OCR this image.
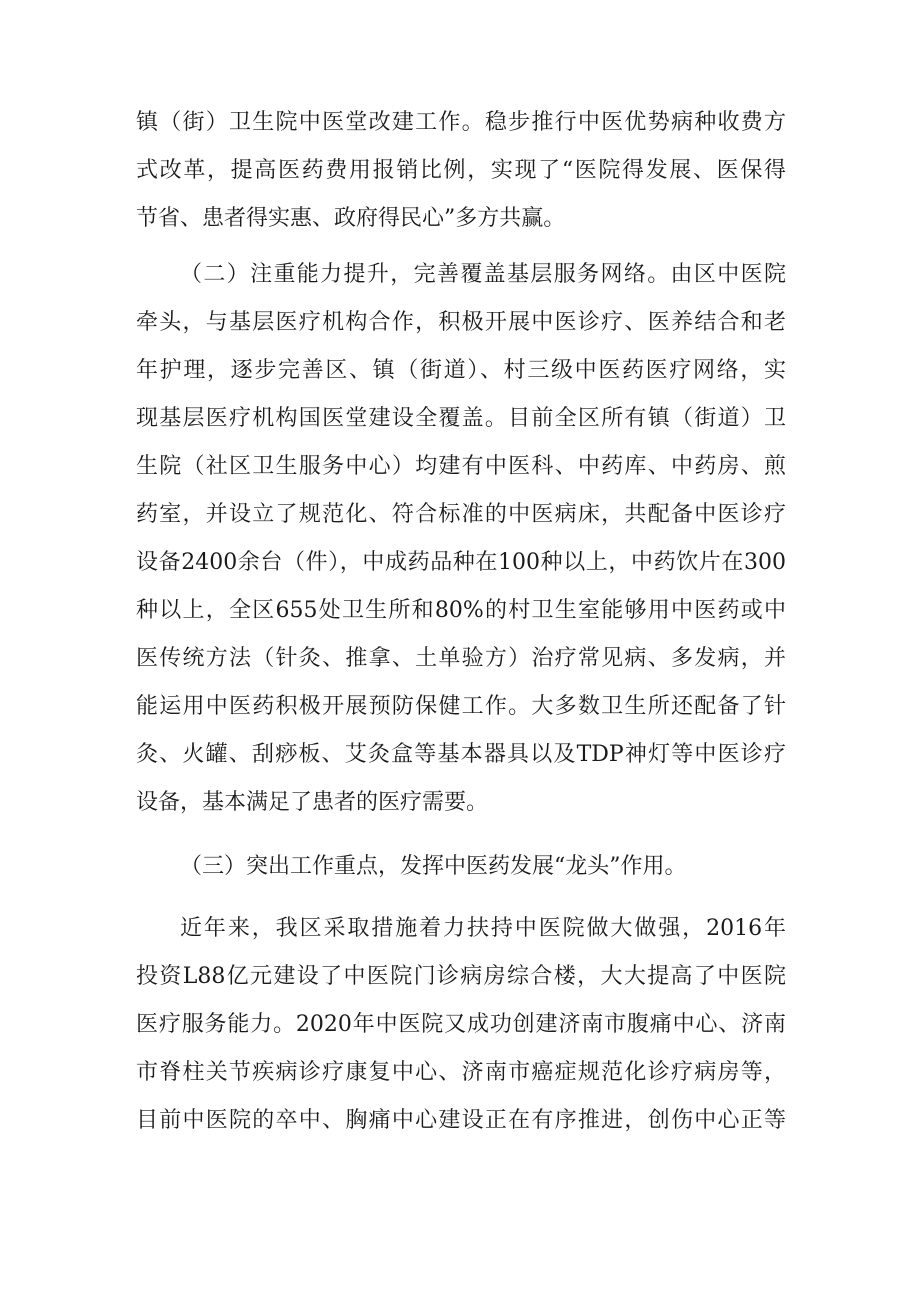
镇（街）卫生院中医堂改建工作。稳步推行中医优势病种收费方
式改革，提高医药费用报销比例，实现了“医院得发展、医保得
节省、患者得实惠、政府得民心”多方共赢。
（二）注重能力提升，完善覆盖基层服务网络。由区中医院
牵头，与基层医疗机构合作，积极开展中医诊疗、医养结合和老
年护理，逐步完善区、镇（街道）、村三级中医药医疗网络，实
现基层医疗机构国医堂建设全覆盖。目前全区所有镇（街道）卫
生院（社区卫生服务中心）均建有中医科、中药库、中药房、煎
药室，并设立了规范化、符合标准的中医病床，共配备中医诊疗
设备2400余台（件），中成药品种在100种以上，中药饮片在300
种以上，全区655处卫生所和80%的村卫生室能够用中医药或中
医传统方法（针灸、推拿、土单验方）治疗常见病、多发病，并
能运用中医药积极开展预防保健工作。大多数卫生所还配备了针
灸、火罐、刮痧板、艾灸盒等基本器具以及TDP神灯等中医诊疗
设备，基本满足了患者的医疗需要。
（三）突出工作重点，发挥中医药发展“龙头”作用。
近年来，我区采取措施着力扶持中医院做大做强，2016年
投资L88亿元建设了中医院门诊病房综合楼，大大提高了中医院
医疗服务能力。2020年中医院又成功创建济南市腹痛中心、济南
市脊柱关节疾病诊疗康复中心、济南市癌症规范化诊疗病房等，
目前中医院的卒中、胸痛中心建设正在有序推进，创伤中心正等
